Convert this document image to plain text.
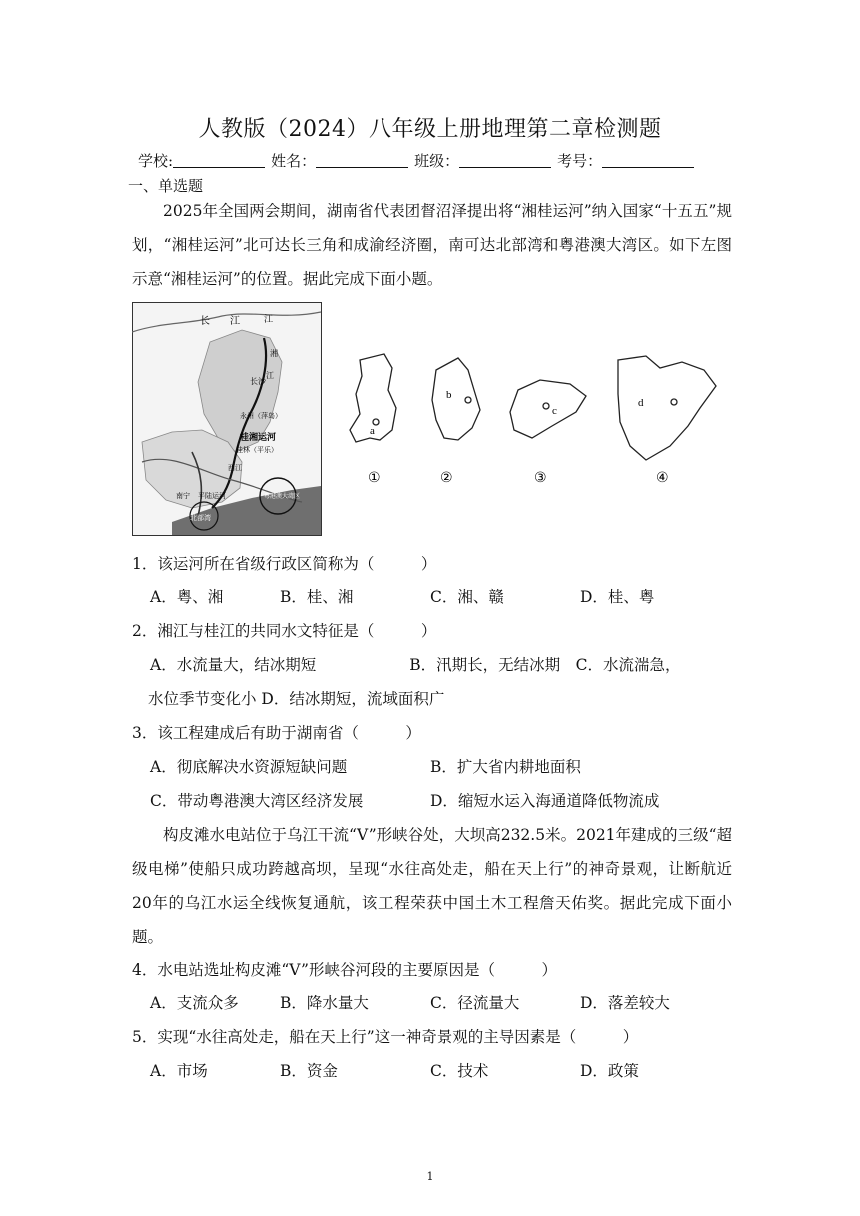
人教版（2024）八年级上册地理第二章检测题
学校:	姓名：	班级：	考号：
一、单选题
2025年全国两会期间，湖南省代表团督沼泽提出将“湘桂运河”纳入国家“十五五”规划，“湘桂运河”北可达长三角和成渝经济圈，南可达北部湾和粤港澳大湾区。如下左图示意“湘桂运河”的位置。据此完成下面小题。
长 江	江
湘
江
长沙
永州（萍岛）
桂湘运河
桂林（平乐）
西江
南宁 平陆运河
北部湾
粤港澳大湾区
b
c
d
a
①	②	③	④
1．该运河所在省级行政区简称为（　　　）
A．粤、湘	B．桂、湘	C．湘、赣	D．桂、粤
2．湘江与桂江的共同水文特征是（　　　）
A．水流量大，结冰期短　　　　　　B．汛期长，无结冰期　C．水流湍急，
水位季节变化小 D．结冰期短，流域面积广
3．该工程建成后有助于湖南省（　　　）
A．彻底解决水资源短缺问题	B．扩大省内耕地面积
C．带动粤港澳大湾区经济发展	D．缩短水运入海通道降低物流成
构皮滩水电站位于乌江干流“V”形峡谷处，大坝高232.5米。2021年建成的三级“超级电梯”使船只成功跨越高坝，呈现“水往高处走，船在天上行”的神奇景观，让断航近20年的乌江水运全线恢复通航，该工程荣获中国土木工程詹天佑奖。据此完成下面小题。
4．水电站选址构皮滩“V”形峡谷河段的主要原因是（　　　）
A．支流众多	B．降水量大	C．径流量大	D．落差较大
5．实现“水往高处走，船在天上行”这一神奇景观的主导因素是（　　　）
A．市场	B．资金	C．技术	D．政策
1
